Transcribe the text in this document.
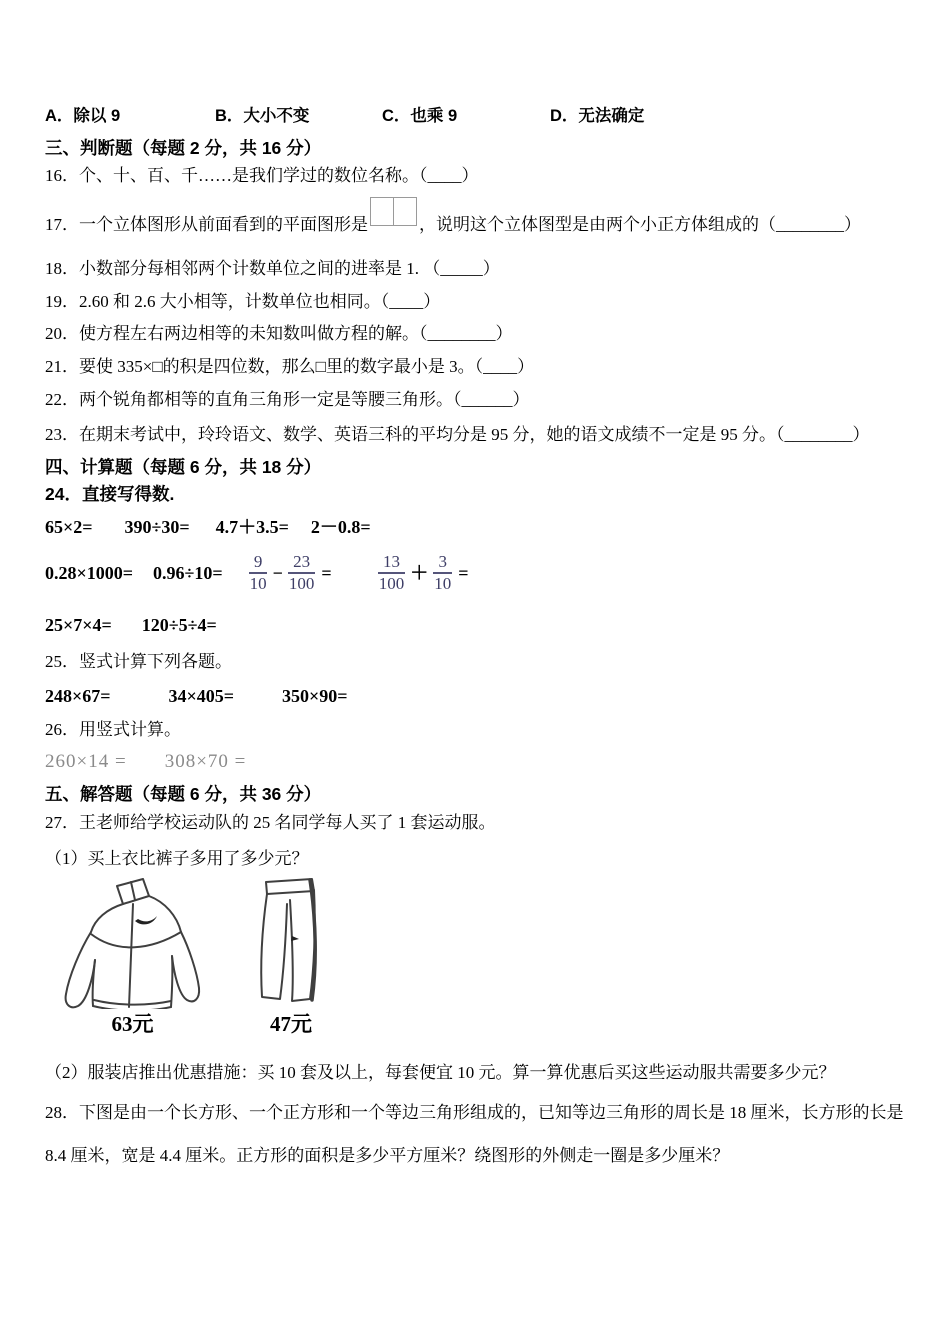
A．除以 9	B．大小不变	C．也乘 9	D．无法确定
三、判断题（每题 2 分，共 16 分）
16．个、十、百、千……是我们学过的数位名称。（____）
17．一个立体图形从前面看到的平面图形是	，说明这个立体图型是由两个小正方体组成的（________）
18．小数部分每相邻两个计数单位之间的进率是 1. （_____）
19．2.60 和 2.6 大小相等，计数单位也相同。（____）
20．使方程左右两边相等的未知数叫做方程的解。（________）
21．要使 335×□的积是四位数，那么□里的数字最小是 3。（____）
22．两个锐角都相等的直角三角形一定是等腰三角形。（______）
23．在期末考试中，玲玲语文、数学、英语三科的平均分是 95 分，她的语文成绩不一定是 95 分。（________）
四、计算题（每题 6 分，共 18 分）
24．直接写得数.
65×2= 390÷30= 4.7＋3.5= 2－0.8=
$0.28\times 1000= 0.96\div 10= \frac{9}{10} - \frac{23}{100}$ =	$\frac{13}{100} + \frac{3}{10}$ =
25×7×4= 120÷5÷4=
25．竖式计算下列各题。
248×67=	34×405=	350×90=
26．用竖式计算。
260×14 = 308×70 =
五、解答题（每题 6 分，共 36 分）
27．王老师给学校运动队的 25 名同学每人买了 1 套运动服。
（1）买上衣比裤子多用了多少元？
63元	47元
（2）服装店推出优惠措施：买 10 套及以上，每套便宜 10 元。算一算优惠后买这些运动服共需要多少元？
28．下图是由一个长方形、一个正方形和一个等边三角形组成的，已知等边三角形的周长是 18 厘米，长方形的长是
8.4 厘米，宽是 4.4 厘米。正方形的面积是多少平方厘米？绕图形的外侧走一圈是多少厘米？
